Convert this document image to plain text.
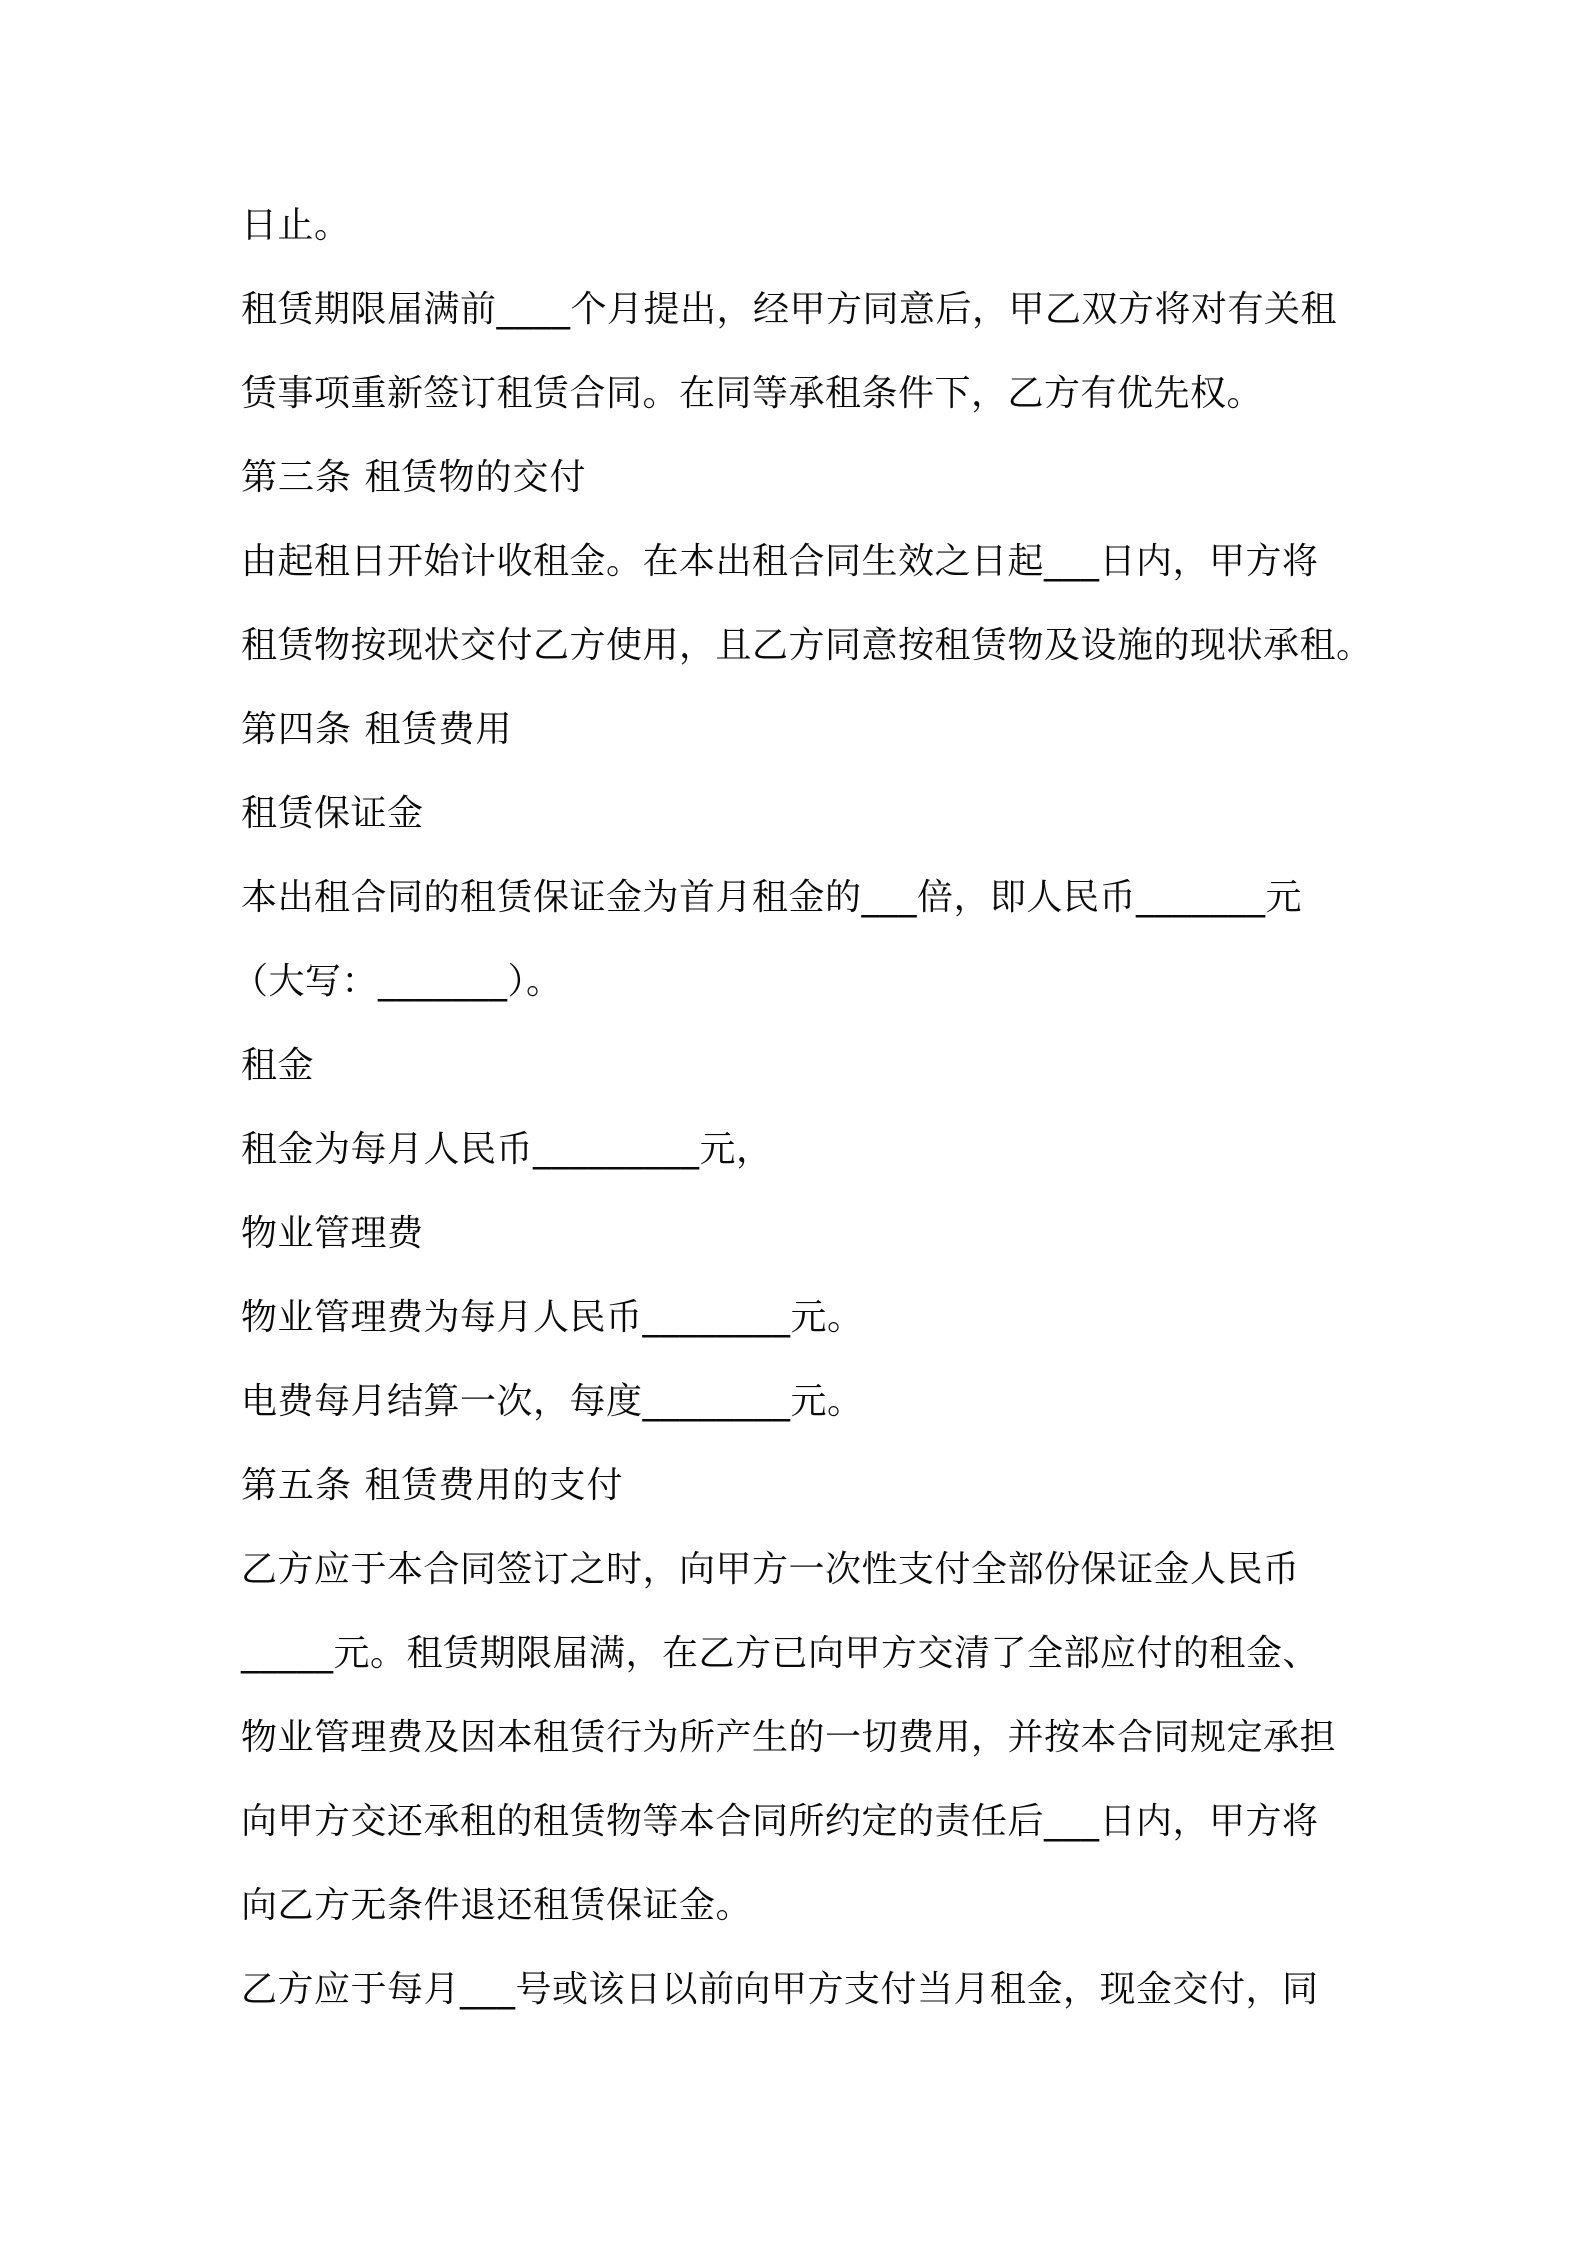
日止。
租赁期限届满前____个月提出，经甲方同意后，甲乙双方将对有关租
赁事项重新签订租赁合同。在同等承租条件下，乙方有优先权。
第三条 租赁物的交付
由起租日开始计收租金。在本出租合同生效之日起___日内，甲方将
租赁物按现状交付乙方使用，且乙方同意按租赁物及设施的现状承租。
第四条 租赁费用
租赁保证金
本出租合同的租赁保证金为首月租金的___倍，即人民币_______元
（大写：_______）。
租金
租金为每月人民币_________元，
物业管理费
物业管理费为每月人民币________元。
电费每月结算一次，每度________元。
第五条 租赁费用的支付
乙方应于本合同签订之时，向甲方一次性支付全部份保证金人民币
_____元。租赁期限届满，在乙方已向甲方交清了全部应付的租金、
物业管理费及因本租赁行为所产生的一切费用，并按本合同规定承担
向甲方交还承租的租赁物等本合同所约定的责任后___日内，甲方将
向乙方无条件退还租赁保证金。
乙方应于每月___号或该日以前向甲方支付当月租金，现金交付，同
